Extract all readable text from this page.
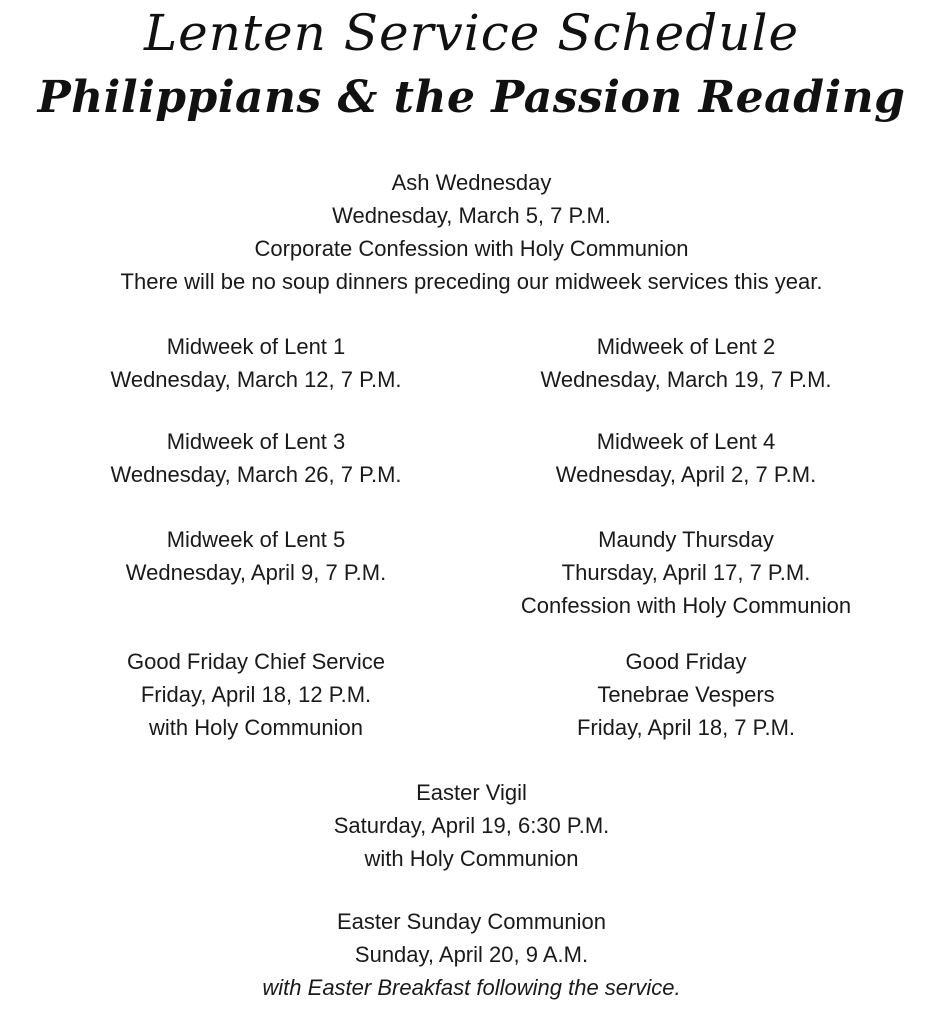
Lenten Service Schedule
Philippians & the Passion Reading
Ash Wednesday
Wednesday, March 5, 7 P.M.
Corporate Confession with Holy Communion
There will be no soup dinners preceding our midweek services this year.
Midweek of Lent 1
Wednesday, March 12, 7 P.M.
Midweek of Lent 2
Wednesday, March 19, 7 P.M.
Midweek of Lent 3
Wednesday, March 26, 7 P.M.
Midweek of Lent 4
Wednesday, April 2, 7 P.M.
Midweek of Lent 5
Wednesday, April 9, 7 P.M.
Maundy Thursday
Thursday, April 17, 7 P.M.
Confession with Holy Communion
Good Friday Chief Service
Friday, April 18, 12 P.M.
with Holy Communion
Good Friday
Tenebrae Vespers
Friday, April 18, 7 P.M.
Easter Vigil
Saturday, April 19, 6:30 P.M.
with Holy Communion
Easter Sunday Communion
Sunday, April 20, 9 A.M.
with Easter Breakfast following the service.
